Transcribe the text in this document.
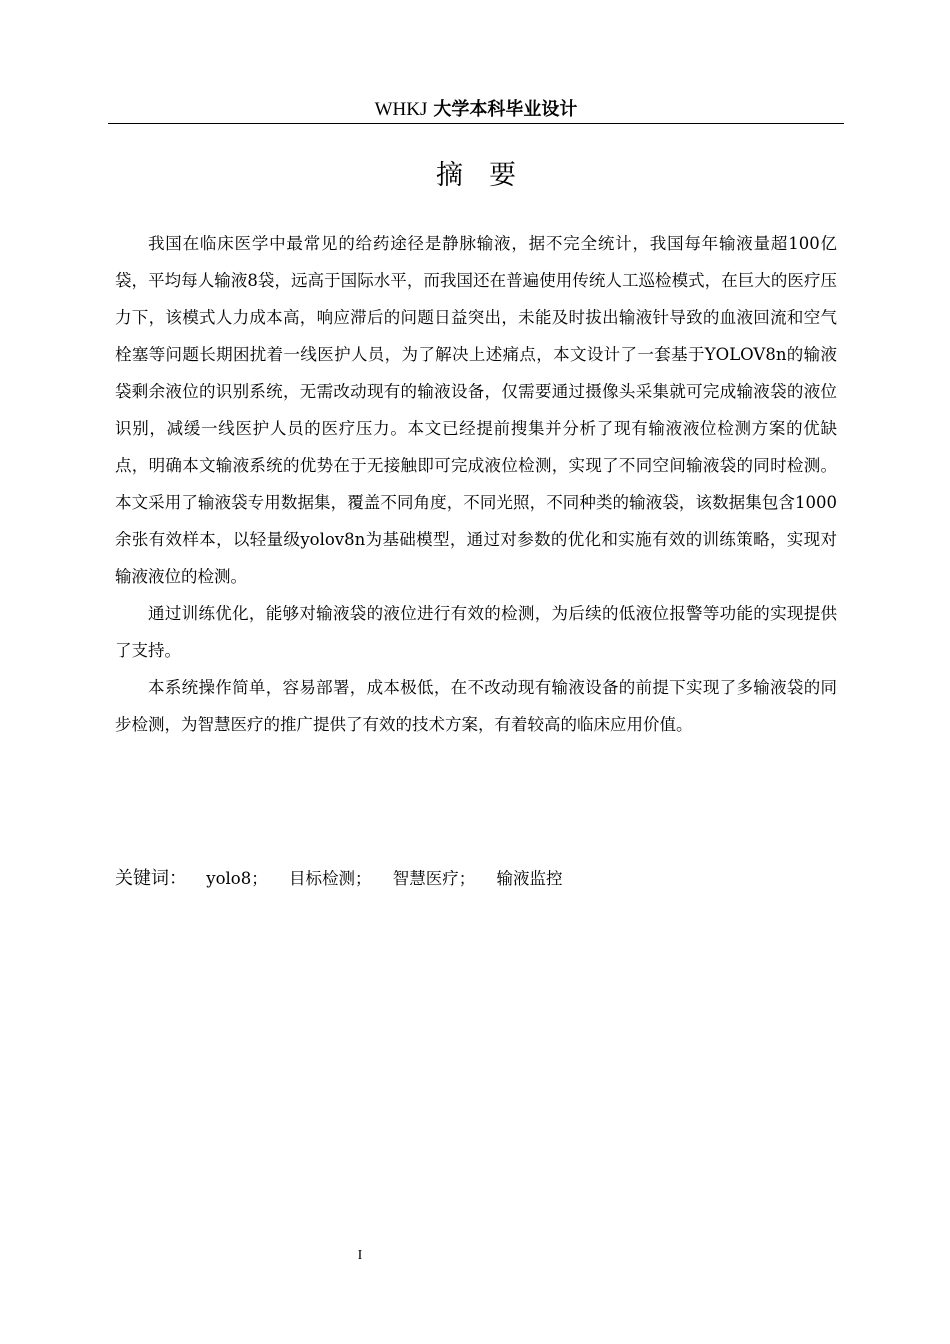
WHKJ 大学本科毕业设计
摘要

我国在临床医学中最常见的给药途径是静脉输液，据不完全统计，我国每年输液量超100亿袋，平均每人输液8袋，远高于国际水平，而我国还在普遍使用传统人工巡检模式，在巨大的医疗压力下，该模式人力成本高，响应滞后的问题日益突出，未能及时拔出输液针导致的血液回流和空气栓塞等问题长期困扰着一线医护人员，为了解决上述痛点，本文设计了一套基于YOLOV8n的输液袋剩余液位的识别系统，无需改动现有的输液设备，仅需要通过摄像头采集就可完成输液袋的液位识别，减缓一线医护人员的医疗压力。本文已经提前搜集并分析了现有输液液位检测方案的优缺点，明确本文输液系统的优势在于无接触即可完成液位检测，实现了不同空间输液袋的同时检测。本文采用了输液袋专用数据集，覆盖不同角度，不同光照，不同种类的输液袋，该数据集包含1000余张有效样本，以轻量级yolov8n为基础模型，通过对参数的优化和实施有效的训练策略，实现对输液液位的检测。

通过训练优化，能够对输液袋的液位进行有效的检测，为后续的低液位报警等功能的实现提供了支持。

本系统操作简单，容易部署，成本极低，在不改动现有输液设备的前提下实现了多输液袋的同步检测，为智慧医疗的推广提供了有效的技术方案，有着较高的临床应用价值。

关键词： yolo8； 目标检测； 智慧医疗； 输液监控
I
